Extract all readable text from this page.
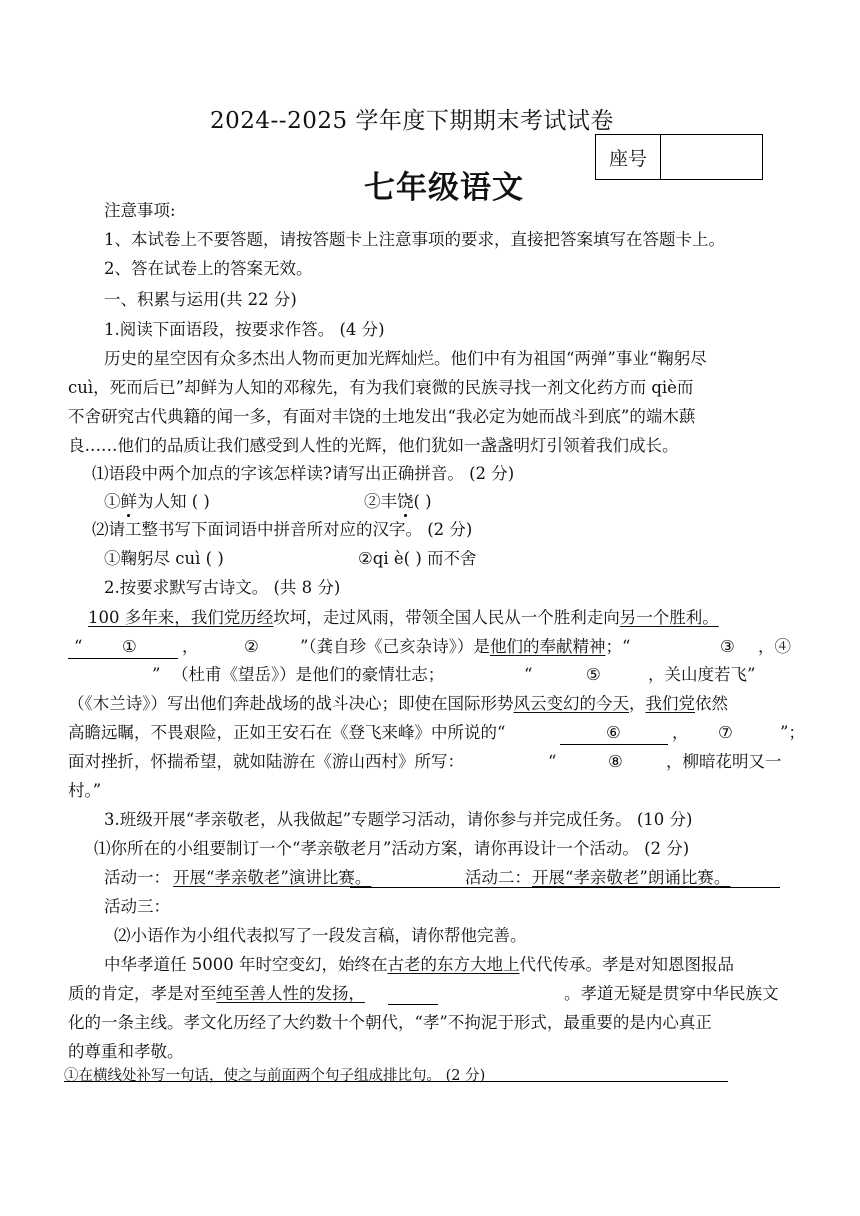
2024--2025 学年度下期期末考试试卷
座号
七年级语文
注意事项:
1、本试卷上不要答题，请按答题卡上注意事项的要求，直接把答案填写在答题卡上。
2、答在试卷上的答案无效。
一、积累与运用(共 22 分)
1.阅读下面语段，按要求作答。 (4 分)
历史的星空因有众多杰出人物而更加光辉灿烂。他们中有为祖国“两弹”事业“鞠躬尽
cuì，死而后已”却鲜为人知的邓稼先，有为我们衰微的民族寻找一剂文化药方而 qiè而
不舍研究古代典籍的闻一多，有面对丰饶的土地发出“我必定为她而战斗到底”的端木蕻
良……他们的品质让我们感受到人性的光辉，他们犹如一盏盏明灯引领着我们成长。
⑴语段中两个加点的字该怎样读?请写出正确拼音。 (2 分)
①鲜为人知 ( )	②丰饶( )
⑵请工整书写下面词语中拼音所对应的汉字。 (2 分)
①鞠躬尽 cuì ( )	②qi è( ) 而不舍
2.按要求默写古诗文。 (共 8 分)
100 多年来，我们党历经坎坷，走过风雨，带领全国人民从一个胜利走向另一个胜利。
“ ①	，	② ”（龚自珍《己亥杂诗》）是他们的奉献精神；“	③ ，④
” （杜甫《望岳》）是他们的豪情壮志；	“	⑤	，关山度若飞”
（《木兰诗》）写出他们奔赴战场的战斗决心；即使在国际形势风云变幻的今天，我们党依然
高瞻远瞩，不畏艰险，正如王安石在《登飞来峰》中所说的“	⑥	， ⑦	”；
面对挫折，怀揣希望，就如陆游在《游山西村》所写：	“	⑧	，柳暗花明又一
村。”
3.班级开展“孝亲敬老，从我做起”专题学习活动，请你参与并完成任务。 (10 分)
⑴你所在的小组要制订一个“孝亲敬老月”活动方案，请你再设计一个活动。 (2 分)
活动一： 开展“孝亲敬老”演讲比赛。	活动二： 开展“孝亲敬老”朗诵比赛。
活动三：
⑵小语作为小组代表拟写了一段发言稿，请你帮他完善。
中华孝道任 5000 年时空变幻，始终在古老的东方大地上代代传承。孝是对知恩图报品
质的肯定，孝是对至纯至善人性的发扬，	。孝道无疑是贯穿中华民族文
化的一条主线。孝文化历经了大约数十个朝代，“孝”不拘泥于形式，最重要的是内心真正
的尊重和孝敬。
①在横线处补写一句话，使之与前面两个句子组成排比句。 (2 分)
